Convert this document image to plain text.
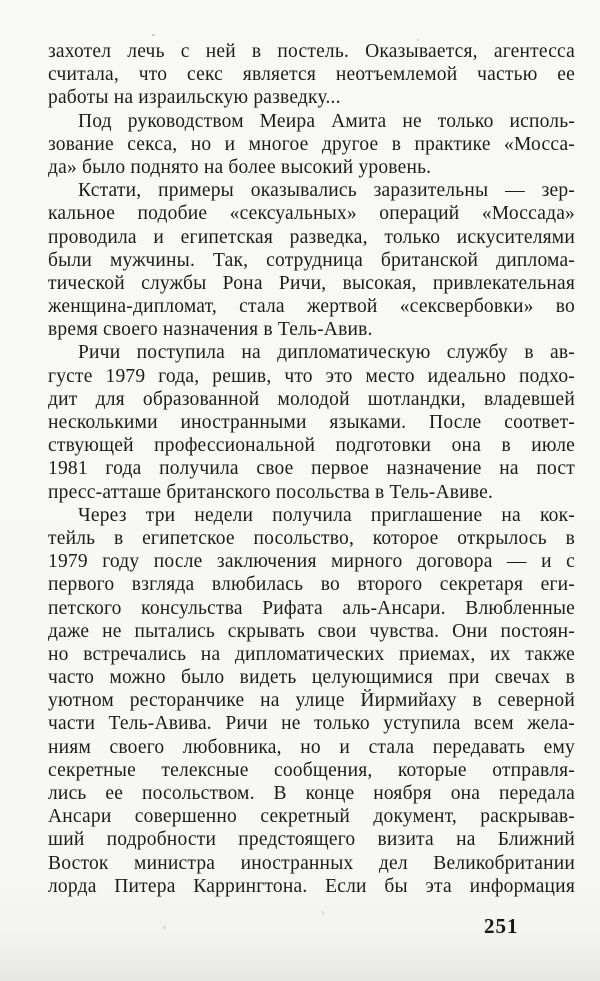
захотел лечь с ней в постель. Оказывается, агентесса
считала, что секс является неотъемлемой частью ее
работы на израильскую разведку...
Под руководством Меира Амита не только исполь-
зование секса, но и многое другое в практике «Мосса-
да» было поднято на более высокий уровень.
Кстати, примеры оказывались заразительны — зер-
кальное подобие «сексуальных» операций «Моссада»
проводила и египетская разведка, только искусителями
были мужчины. Так, сотрудница британской диплома-
тической службы Рона Ричи, высокая, привлекательная
женщина-дипломат, стала жертвой «сексвербовки» во
время своего назначения в Тель-Авив.
Ричи поступила на дипломатическую службу в ав-
густе 1979 года, решив, что это место идеально подхо-
дит для образованной молодой шотландки, владевшей
несколькими иностранными языками. После соответ-
ствующей профессиональной подготовки она в июле
1981 года получила свое первое назначение на пост
пресс-атташе британского посольства в Тель-Авиве.
Через три недели получила приглашение на кок-
тейль в египетское посольство, которое открылось в
1979 году после заключения мирного договора — и с
первого взгляда влюбилась во второго секретаря еги-
петского консульства Рифата аль-Ансари. Влюбленные
даже не пытались скрывать свои чувства. Они постоян-
но встречались на дипломатических приемах, их также
часто можно было видеть целующимися при свечах в
уютном ресторанчике на улице Йирмийаху в северной
части Тель-Авива. Ричи не только уступила всем жела-
ниям своего любовника, но и стала передавать ему
секретные телексные сообщения, которые отправля-
лись ее посольством. В конце ноября она передала
Ансари совершенно секретный документ, раскрывав-
ший подробности предстоящего визита на Ближний
Восток министра иностранных дел Великобритании
лорда Питера Каррингтона. Если бы эта информация
251
